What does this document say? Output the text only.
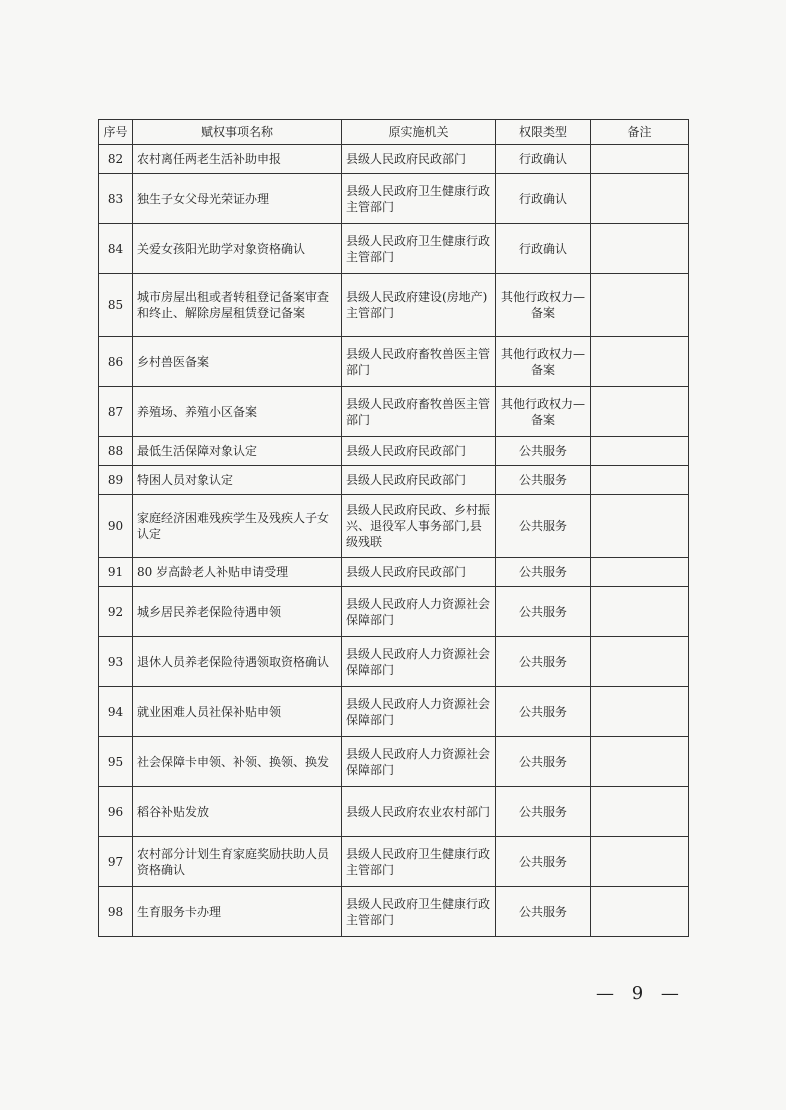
序号	赋权事项名称	原实施机关	权限类型	备注
82	农村离任两老生活补助申报	县级人民政府民政部门	行政确认	
83	独生子女父母光荣证办理	县级人民政府卫生健康行政主管部门	行政确认	
84	关爱女孩阳光助学对象资格确认	县级人民政府卫生健康行政主管部门	行政确认	
85	城市房屋出租或者转租登记备案审查和终止、解除房屋租赁登记备案	县级人民政府建设(房地产)主管部门	其他行政权力—备案	
86	乡村兽医备案	县级人民政府畜牧兽医主管部门	其他行政权力—备案	
87	养殖场、养殖小区备案	县级人民政府畜牧兽医主管部门	其他行政权力—备案	
88	最低生活保障对象认定	县级人民政府民政部门	公共服务	
89	特困人员对象认定	县级人民政府民政部门	公共服务	
90	家庭经济困难残疾学生及残疾人子女认定	县级人民政府民政、乡村振兴、退役军人事务部门,县级残联	公共服务	
91	80 岁高龄老人补贴申请受理	县级人民政府民政部门	公共服务	
92	城乡居民养老保险待遇申领	县级人民政府人力资源社会保障部门	公共服务	
93	退休人员养老保险待遇领取资格确认	县级人民政府人力资源社会保障部门	公共服务	
94	就业困难人员社保补贴申领	县级人民政府人力资源社会保障部门	公共服务	
95	社会保障卡申领、补领、换领、换发	县级人民政府人力资源社会保障部门	公共服务	
96	稻谷补贴发放	县级人民政府农业农村部门	公共服务	
97	农村部分计划生育家庭奖励扶助人员资格确认	县级人民政府卫生健康行政主管部门	公共服务	
98	生育服务卡办理	县级人民政府卫生健康行政主管部门	公共服务	
— 9 —
